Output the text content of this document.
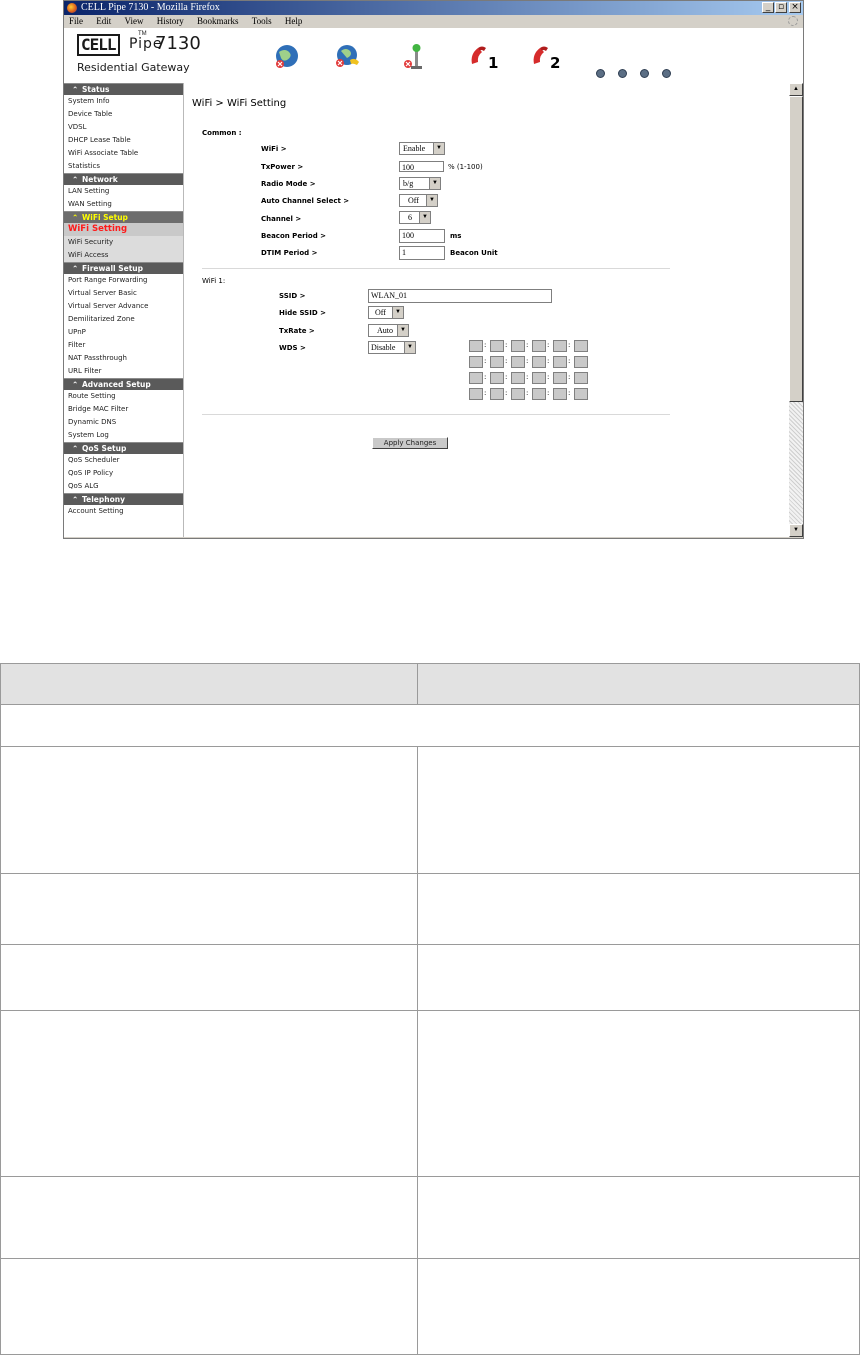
CELL Pipe 7130 - Mozilla Firefox	_ ▫ ×
File Edit View History Bookmarks Tools Help
CELL Pipe
TM 7130
Residential Gateway	1	2
⌃ Status
System Info
Device Table
VDSL
DHCP Lease Table
WiFi Associate Table
Statistics
⌃ Network
LAN Setting
WAN Setting
⌃ WiFi Setup
WiFi Setting
WiFi Security
WiFi Access
⌃ Firewall Setup
Port Range Forwarding
Virtual Server Basic
Virtual Server Advance
Demilitarized Zone
UPnP
Filter
NAT Passthrough
URL Filter
⌃ Advanced Setup
Route Setting
Bridge MAC Filter
Dynamic DNS
System Log
⌃ QoS Setup
QoS Scheduler
QoS IP Policy
QoS ALG
⌃ Telephony
Account Setting
WiFi > WiFi Setting
Common :
WiFi >	Enable	▼
TxPower >	100	% (1-100)
Radio Mode >	b/g	▼
Auto Channel Select >	Off	▼
Channel >	6	▼
Beacon Period >	100	ms
DTIM Period >	1	Beacon Unit
WiFi 1:
SSID >	WLAN_01
Hide SSID >	Off	▼
TxRate >	Auto	▼
WDS >	Disable	▼
Apply Changes
:	:	:	:	:
:	:	:	:	:
:	:	:	:	:
:	:	:	:	:
▲
▼
